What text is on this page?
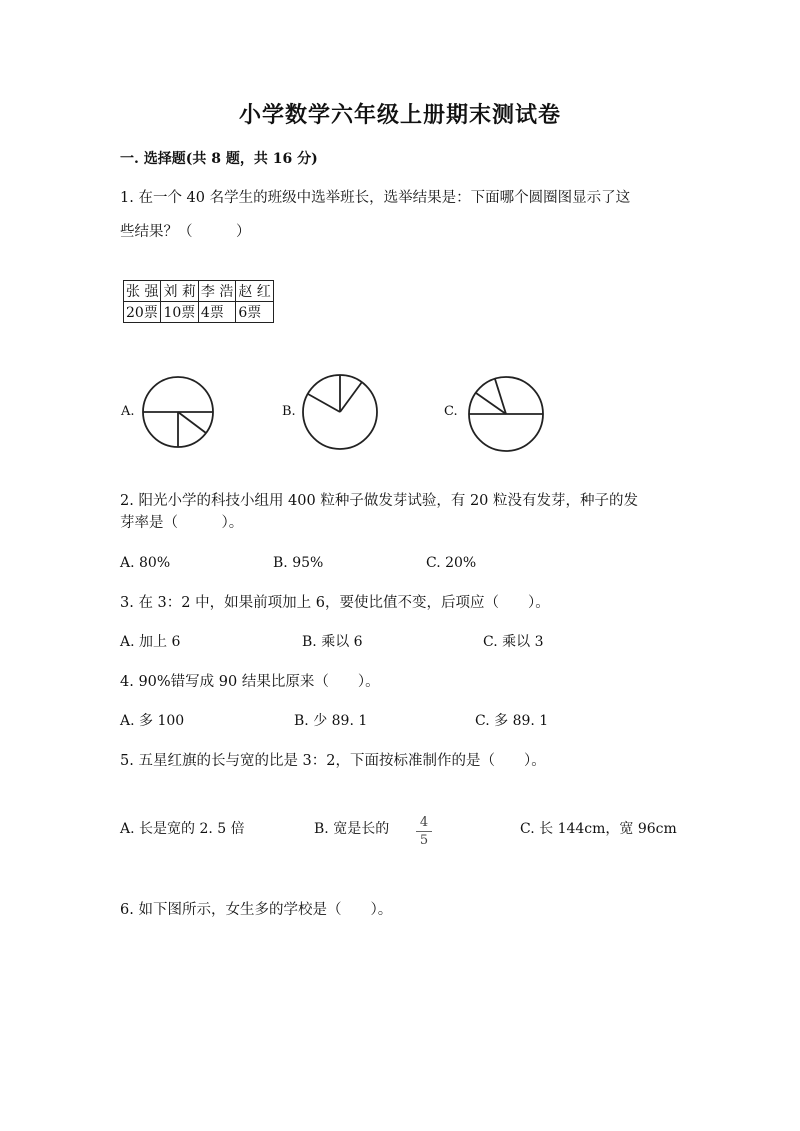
小学数学六年级上册期末测试卷
一. 选择题(共 8 题，共 16 分)
1. 在一个 40 名学生的班级中选举班长，选举结果是：下面哪个圆圈图显示了这
些结果？（　　　）
张 强	刘 莉	李 浩	赵 红
20票	10票	4票	6票
A.	B.	C.
2. 阳光小学的科技小组用 400 粒种子做发芽试验，有 20 粒没有发芽，种子的发
芽率是（　　　）。
A. 80%	B. 95%	C. 20%
3. 在 3：2 中，如果前项加上 6，要使比值不变，后项应（　　）。
A. 加上 6	B. 乘以 6	C. 乘以 3
4. 90%错写成 90 结果比原来（　　）。
A. 多 100	B. 少 89. 1	C. 多 89. 1
5. 五星红旗的长与宽的比是 3：2，下面按标准制作的是（　　）。
A. 长是宽的 2. 5 倍	B. 宽是长的	4
5
C. 长 144cm，宽 96cm
6. 如下图所示，女生多的学校是（　　）。
